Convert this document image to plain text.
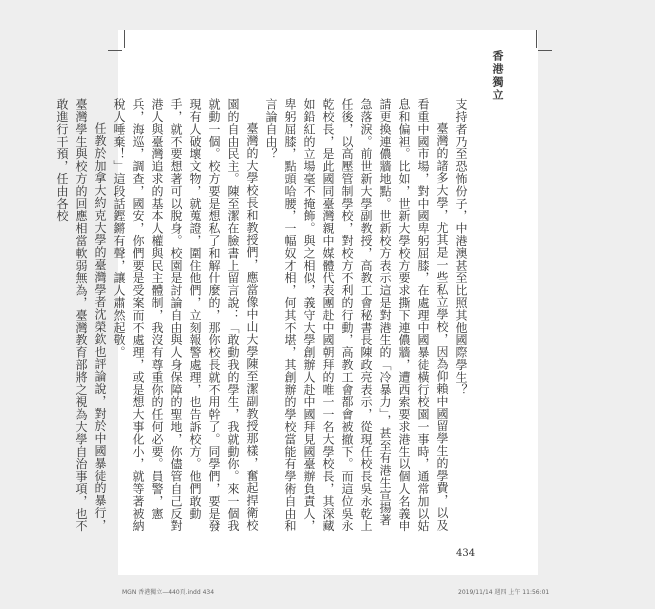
香港獨立

支持者乃至恐怖份子，中港澳甚至比照其他國際學生？

臺灣的諸多大學，尤其是一些私立學校，因為仰賴中國留學生的學費，以及看重中國市場，對中國卑躬屈膝，在處理中國暴徒橫行校園一事時，通常加以姑息和偏袒。比如，世新大學校方要求撕下連儂牆，遭西索要求港生以個人名義申請更換連儂牆地點。世新校方表示這是對港生的「冷暴力」，甚至有港生宣揚著急落淚。前世新大學副教授，高教工會秘書長陳政亮表示，從現任校長吳永乾上任後，以高壓管制學校，對校方不利的行動，高教工會都會被撤下。而這位吳永乾校長，是此國同臺灣親中媒體代表團赴中國朝拜的唯一一名大學校長，其深藏如鉛紅的立場毫不掩飾。與之相似，義守大學創辦人赴中國拜見國臺辦負責人，卑躬屈膝，點頭哈腰，一幅奴才相，何其不堪，其創辦的學校當能有學術自由和言論自由？

臺灣的大學校長和教授們，應當像中山大學陳至潔副教授那樣，奮起捍衛校園的自由民主。陳至潔在臉書上留言說：「敢動我的學生，我就動你。來一個我就動一個。校方要是想私了和解什麼的，那你校長就不用幹了。同學們，要是發現有人破壞文物，就蒐證，圍住他們，立刻報警處理，也告訴校方。他們敢動手，就不要想著可以脫身。校園是討論自由與人身保障的聖地，你儘管自己反對港人與臺灣追求的基本人權與民主體制，我沒有尊重你的任何必要。員警，憲兵，海巡，調查，國安，你們要是受案而不處理，或是想大事化小，就等著被納稅人唾棄！」這段話鏗鏘有聲，讓人肅然起敬。

任教於加拿大約克大學的臺灣學者沈榮欽也評論說，對於中國暴徒的暴行，臺灣學生與校方的回應相當軟弱無為，臺灣教育部將之視為大學自治事項，也不敢進行干預，任由各校

434
MGN 香港獨立—440頁.indd 434	2019/11/14 週四 上午 11:56:01
